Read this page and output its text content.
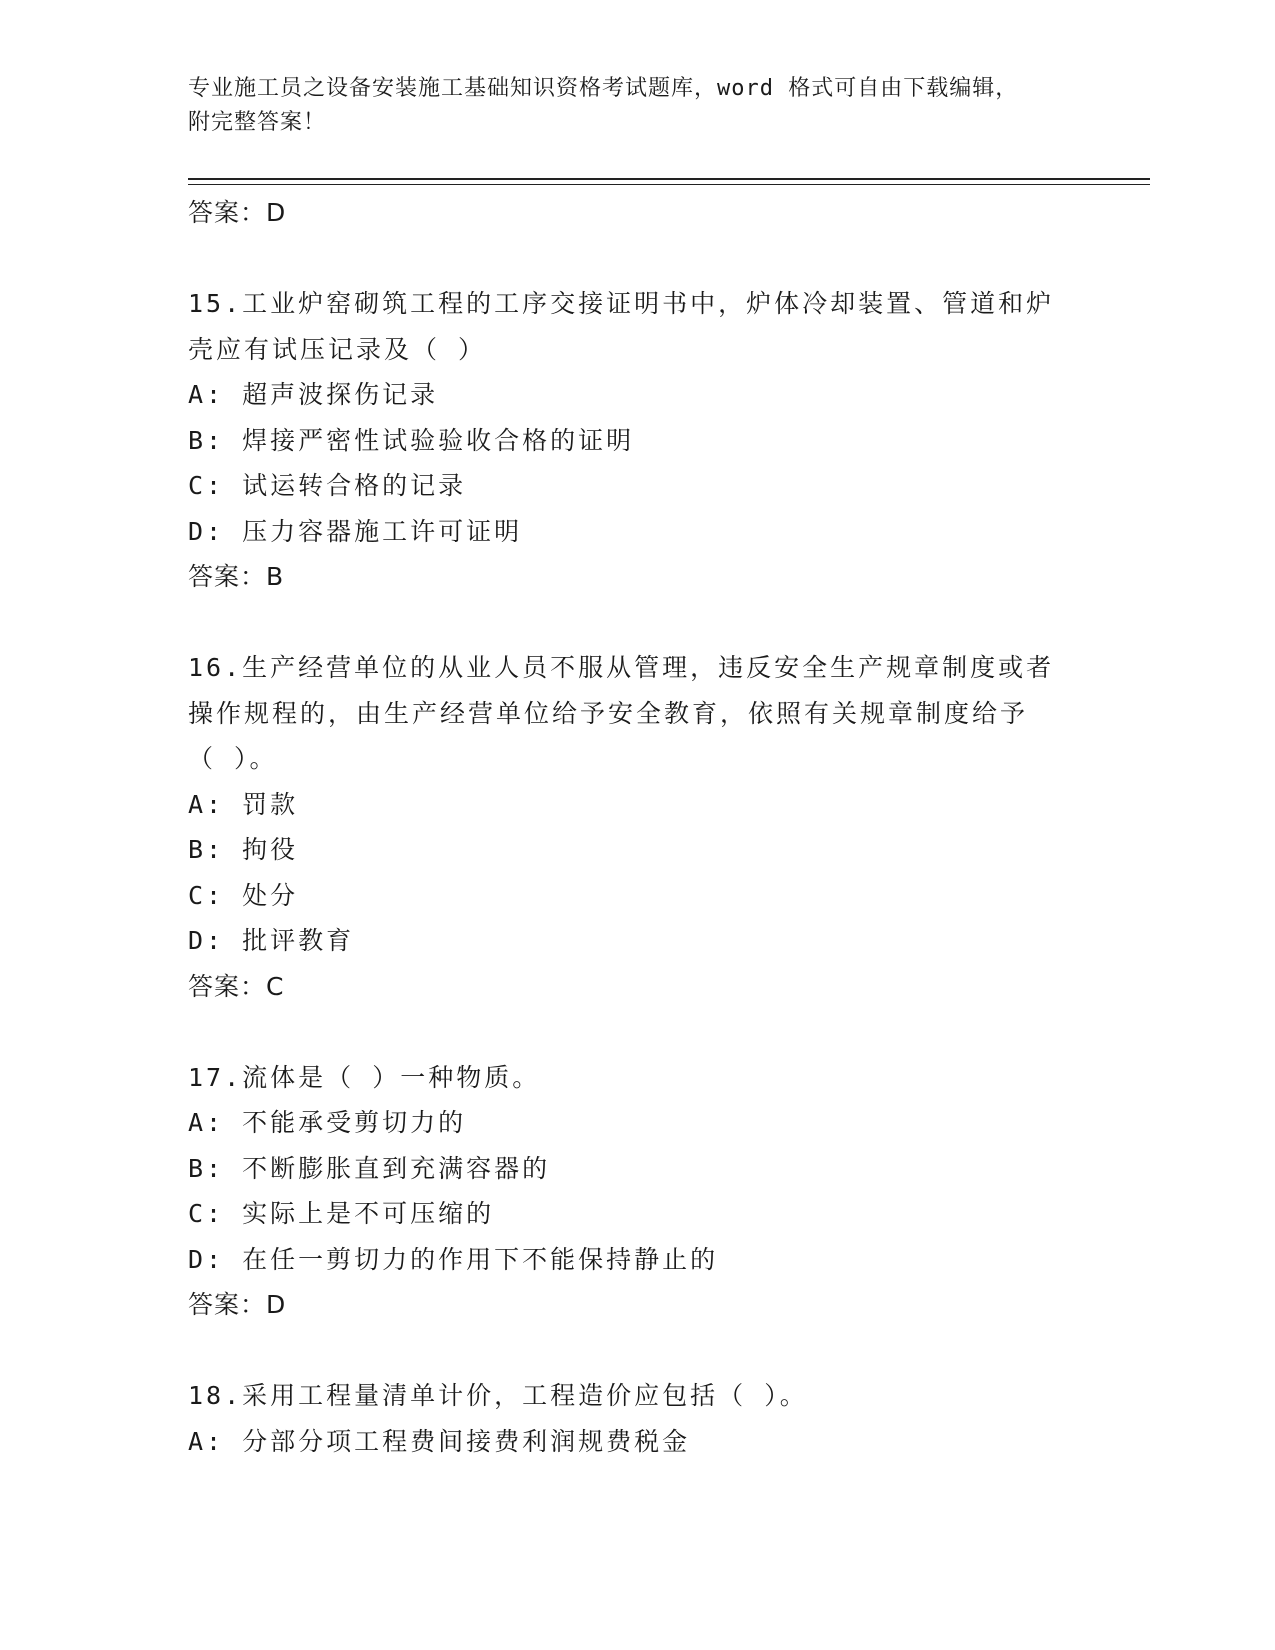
专业施工员之设备安装施工基础知识资格考试题库，word 格式可自由下载编辑，
附完整答案！
答案：D
15.工业炉窑砌筑工程的工序交接证明书中，炉体冷却装置、管道和炉
壳应有试压记录及（ ）
A: 超声波探伤记录
B: 焊接严密性试验验收合格的证明
C: 试运转合格的记录
D: 压力容器施工许可证明
答案：B
16.生产经营单位的从业人员不服从管理，违反安全生产规章制度或者
操作规程的，由生产经营单位给予安全教育，依照有关规章制度给予
（ ）。
A: 罚款
B: 拘役
C: 处分
D: 批评教育
答案：C
17.流体是（ ）一种物质。
A: 不能承受剪切力的
B: 不断膨胀直到充满容器的
C: 实际上是不可压缩的
D: 在任一剪切力的作用下不能保持静止的
答案：D
18.采用工程量清单计价，工程造价应包括（ ）。
A: 分部分项工程费间接费利润规费税金
